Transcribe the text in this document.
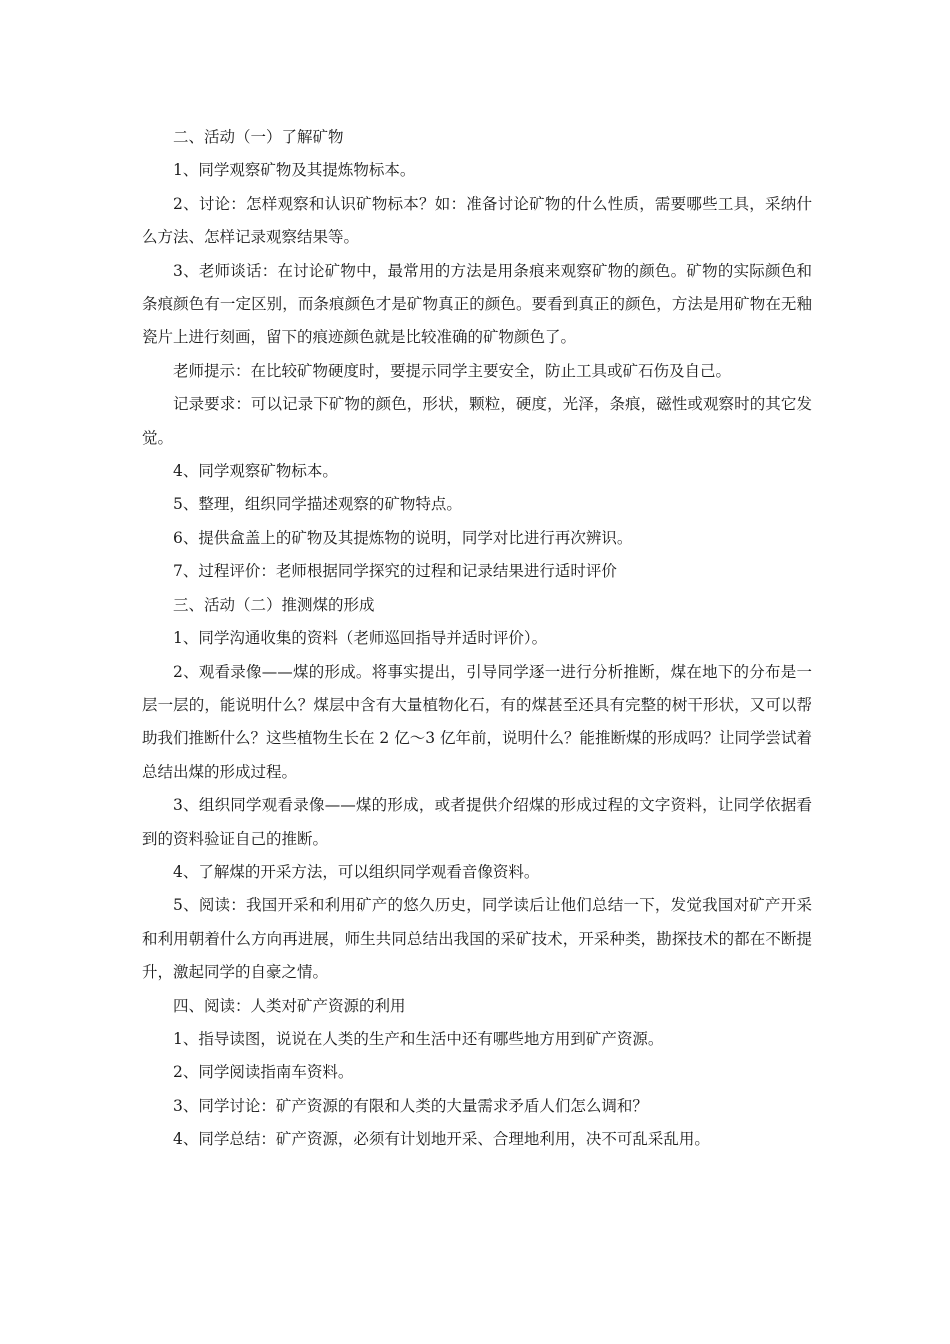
二、活动（一）了解矿物

1、同学观察矿物及其提炼物标本。

2、讨论：怎样观察和认识矿物标本？如：准备讨论矿物的什么性质，需要哪些工具，采纳什么方法、怎样记录观察结果等。

3、老师谈话：在讨论矿物中，最常用的方法是用条痕来观察矿物的颜色。矿物的实际颜色和条痕颜色有一定区别，而条痕颜色才是矿物真正的颜色。要看到真正的颜色，方法是用矿物在无釉瓷片上进行刻画，留下的痕迹颜色就是比较准确的矿物颜色了。

老师提示：在比较矿物硬度时，要提示同学主要安全，防止工具或矿石伤及自己。

记录要求：可以记录下矿物的颜色，形状，颗粒，硬度，光泽，条痕，磁性或观察时的其它发觉。

4、同学观察矿物标本。

5、整理，组织同学描述观察的矿物特点。

6、提供盒盖上的矿物及其提炼物的说明，同学对比进行再次辨识。

7、过程评价：老师根据同学探究的过程和记录结果进行适时评价

三、活动（二）推测煤的形成

1、同学沟通收集的资料（老师巡回指导并适时评价）。

2、观看录像——煤的形成。将事实提出，引导同学逐一进行分析推断，煤在地下的分布是一层一层的，能说明什么？煤层中含有大量植物化石，有的煤甚至还具有完整的树干形状，又可以帮助我们推断什么？这些植物生长在 2 亿～3 亿年前，说明什么？能推断煤的形成吗？让同学尝试着总结出煤的形成过程。

3、组织同学观看录像——煤的形成，或者提供介绍煤的形成过程的文字资料，让同学依据看到的资料验证自己的推断。

4、了解煤的开采方法，可以组织同学观看音像资料。

5、阅读：我国开采和利用矿产的悠久历史，同学读后让他们总结一下，发觉我国对矿产开采和利用朝着什么方向再进展，师生共同总结出我国的采矿技术，开采种类，勘探技术的都在不断提升，激起同学的自豪之情。

四、阅读：人类对矿产资源的利用

1、指导读图，说说在人类的生产和生活中还有哪些地方用到矿产资源。

2、同学阅读指南车资料。

3、同学讨论：矿产资源的有限和人类的大量需求矛盾人们怎么调和？

4、同学总结：矿产资源，必须有计划地开采、合理地利用，决不可乱采乱用。
